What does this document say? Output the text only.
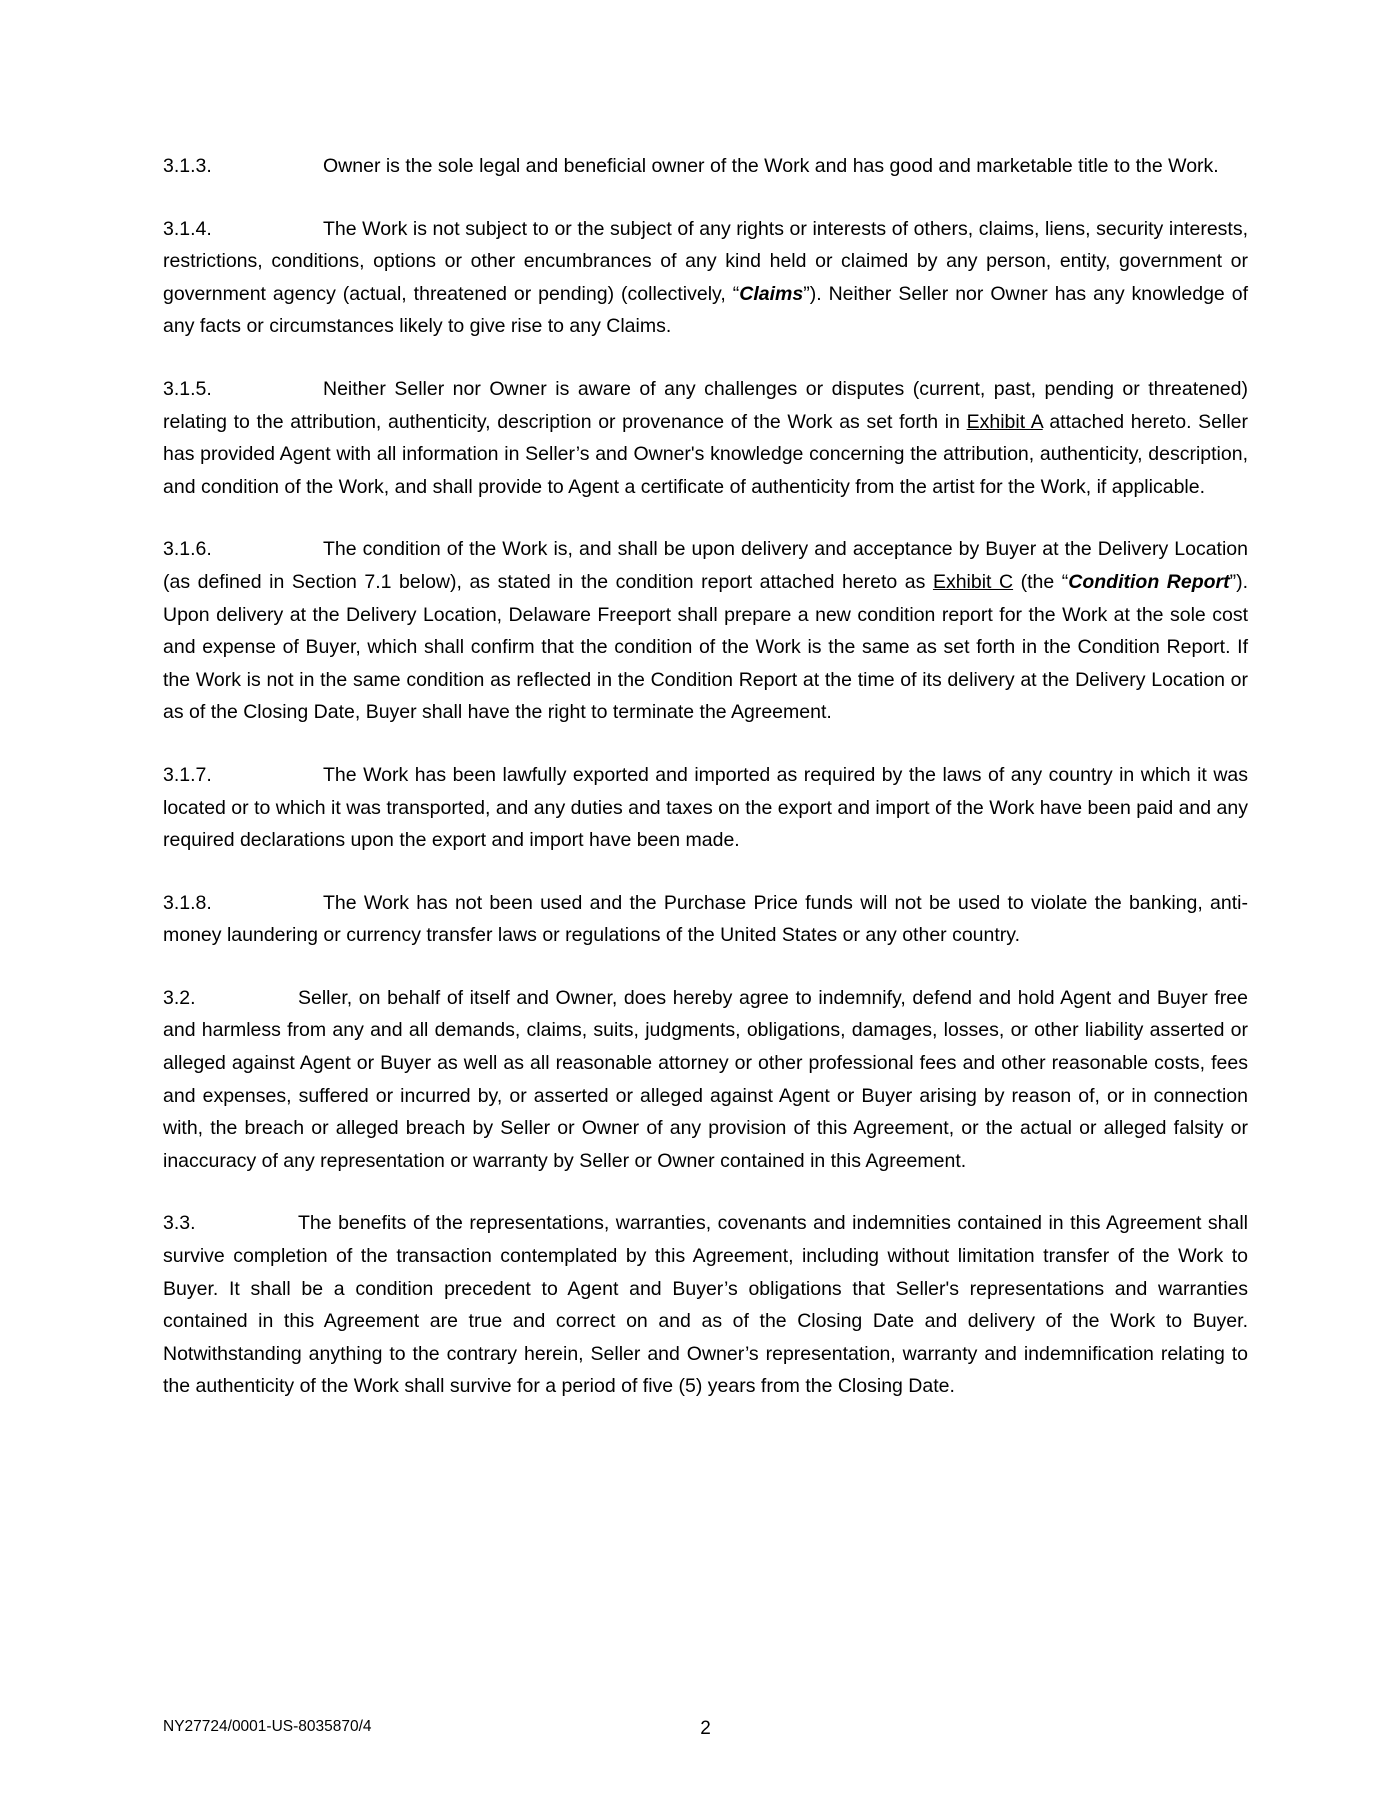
3.1.3.	Owner is the sole legal and beneficial owner of the Work and has good and marketable title to the Work.

3.1.4.	The Work is not subject to or the subject of any rights or interests of others, claims, liens, security interests, restrictions, conditions, options or other encumbrances of any kind held or claimed by any person, entity, government or government agency (actual, threatened or pending) (collectively, “Claims”). Neither Seller nor Owner has any knowledge of any facts or circumstances likely to give rise to any Claims.

3.1.5.	Neither Seller nor Owner is aware of any challenges or disputes (current, past, pending or threatened) relating to the attribution, authenticity, description or provenance of the Work as set forth in Exhibit A attached hereto. Seller has provided Agent with all information in Seller’s and Owner's knowledge concerning the attribution, authenticity, description, and condition of the Work, and shall provide to Agent a certificate of authenticity from the artist for the Work, if applicable.

3.1.6.	The condition of the Work is, and shall be upon delivery and acceptance by Buyer at the Delivery Location (as defined in Section 7.1 below), as stated in the condition report attached hereto as Exhibit C (the “Condition Report”). Upon delivery at the Delivery Location, Delaware Freeport shall prepare a new condition report for the Work at the sole cost and expense of Buyer, which shall confirm that the condition of the Work is the same as set forth in the Condition Report. If the Work is not in the same condition as reflected in the Condition Report at the time of its delivery at the Delivery Location or as of the Closing Date, Buyer shall have the right to terminate the Agreement.

3.1.7.	The Work has been lawfully exported and imported as required by the laws of any country in which it was located or to which it was transported, and any duties and taxes on the export and import of the Work have been paid and any required declarations upon the export and import have been made.

3.1.8.	The Work has not been used and the Purchase Price funds will not be used to violate the banking, anti-money laundering or currency transfer laws or regulations of the United States or any other country.

3.2.	Seller, on behalf of itself and Owner, does hereby agree to indemnify, defend and hold Agent and Buyer free and harmless from any and all demands, claims, suits, judgments, obligations, damages, losses, or other liability asserted or alleged against Agent or Buyer as well as all reasonable attorney or other professional fees and other reasonable costs, fees and expenses, suffered or incurred by, or asserted or alleged against Agent or Buyer arising by reason of, or in connection with, the breach or alleged breach by Seller or Owner of any provision of this Agreement, or the actual or alleged falsity or inaccuracy of any representation or warranty by Seller or Owner contained in this Agreement.

3.3.	The benefits of the representations, warranties, covenants and indemnities contained in this Agreement shall survive completion of the transaction contemplated by this Agreement, including without limitation transfer of the Work to Buyer. It shall be a condition precedent to Agent and Buyer’s obligations that Seller's representations and warranties contained in this Agreement are true and correct on and as of the Closing Date and delivery of the Work to Buyer. Notwithstanding anything to the contrary herein, Seller and Owner’s representation, warranty and indemnification relating to the authenticity of the Work shall survive for a period of five (5) years from the Closing Date.

NY27724/0001-US-8035870/4	2
